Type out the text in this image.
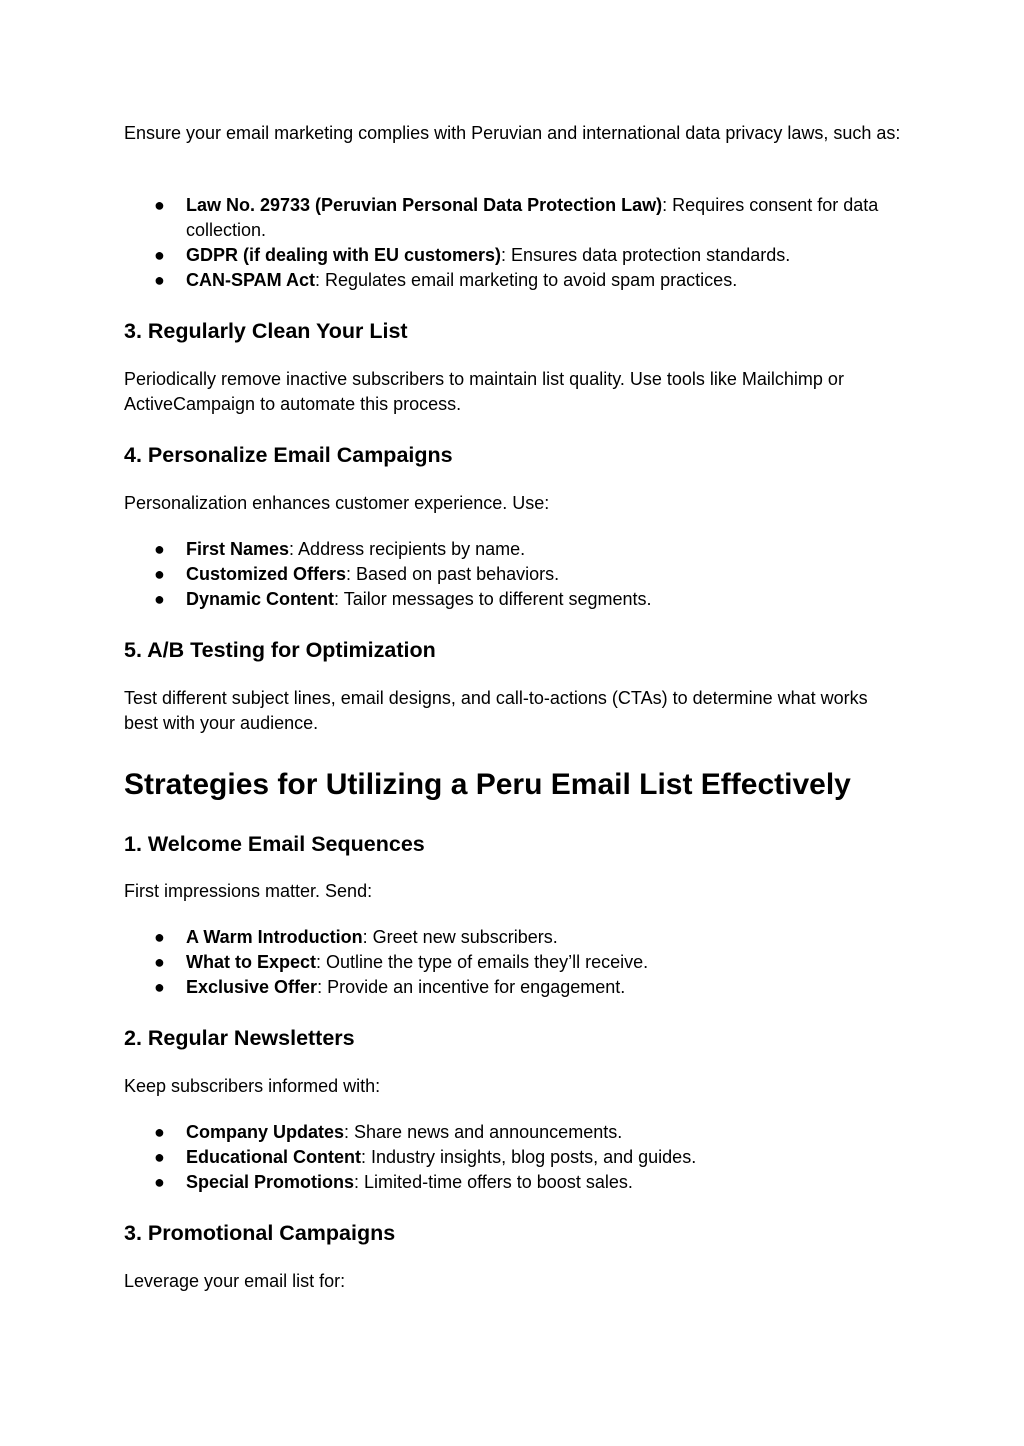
Ensure your email marketing complies with Peruvian and international data privacy laws, such as:

● Law No. 29733 (Peruvian Personal Data Protection Law): Requires consent for data collection.
● GDPR (if dealing with EU customers): Ensures data protection standards.
● CAN-SPAM Act: Regulates email marketing to avoid spam practices.
3. Regularly Clean Your List

Periodically remove inactive subscribers to maintain list quality. Use tools like Mailchimp or ActiveCampaign to automate this process.

4. Personalize Email Campaigns

Personalization enhances customer experience. Use:

● First Names: Address recipients by name.
● Customized Offers: Based on past behaviors.
● Dynamic Content: Tailor messages to different segments.
5. A/B Testing for Optimization

Test different subject lines, email designs, and call-to-actions (CTAs) to determine what works best with your audience.

Strategies for Utilizing a Peru Email List Effectively
1. Welcome Email Sequences

First impressions matter. Send:

● A Warm Introduction: Greet new subscribers.
● What to Expect: Outline the type of emails they’ll receive.
● Exclusive Offer: Provide an incentive for engagement.
2. Regular Newsletters

Keep subscribers informed with:

● Company Updates: Share news and announcements.
● Educational Content: Industry insights, blog posts, and guides.
● Special Promotions: Limited-time offers to boost sales.
3. Promotional Campaigns

Leverage your email list for:
